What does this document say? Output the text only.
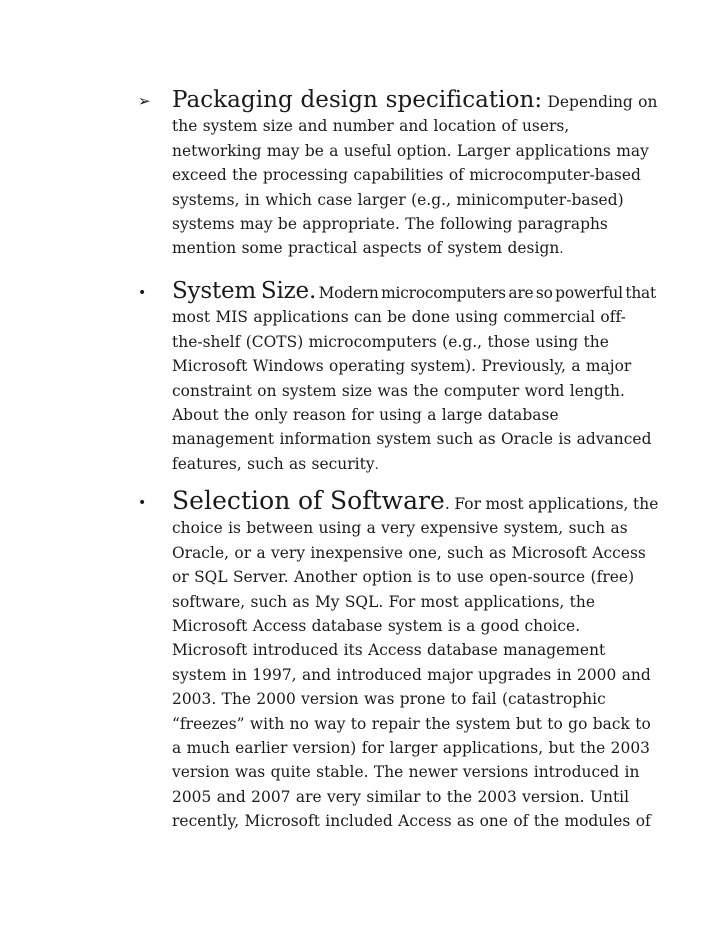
➢ Packaging design specification: Depending on
the system size and number and location of users,
networking may be a useful option. Larger applications may
exceed the processing capabilities of microcomputer-based
systems, in which case larger (e.g., minicomputer-based)
systems may be appropriate. The following paragraphs
mention some practical aspects of system design.
• System Size. Modern microcomputers are so powerful that
most MIS applications can be done using commercial off-
the-shelf (COTS) microcomputers (e.g., those using the
Microsoft Windows operating system). Previously, a major
constraint on system size was the computer word length.
About the only reason for using a large database
management information system such as Oracle is advanced
features, such as security.
• Selection of Software. For most applications, the
choice is between using a very expensive system, such as
Oracle, or a very inexpensive one, such as Microsoft Access
or SQL Server. Another option is to use open-source (free)
software, such as My SQL. For most applications, the
Microsoft Access database system is a good choice.
Microsoft introduced its Access database management
system in 1997, and introduced major upgrades in 2000 and
2003. The 2000 version was prone to fail (catastrophic
“freezes” with no way to repair the system but to go back to
a much earlier version) for larger applications, but the 2003
version was quite stable. The newer versions introduced in
2005 and 2007 are very similar to the 2003 version. Until
recently, Microsoft included Access as one of the modules of
